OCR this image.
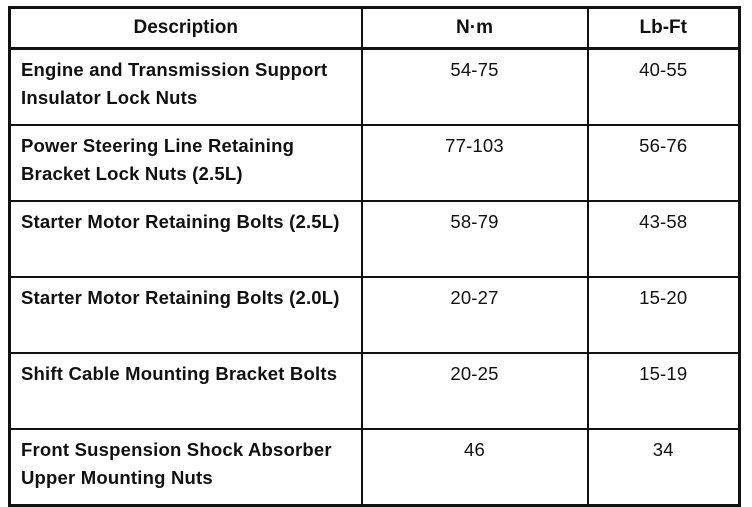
Description	N·m	Lb-Ft
Engine and Transmission Support Insulator Lock Nuts	54-75	40-55
Power Steering Line Retaining Bracket Lock Nuts (2.5L)	77-103	56-76
Starter Motor Retaining Bolts (2.5L)	58-79	43-58
Starter Motor Retaining Bolts (2.0L)	20-27	15-20
Shift Cable Mounting Bracket Bolts	20-25	15-19
Front Suspension Shock Absorber Upper Mounting Nuts	46	34
